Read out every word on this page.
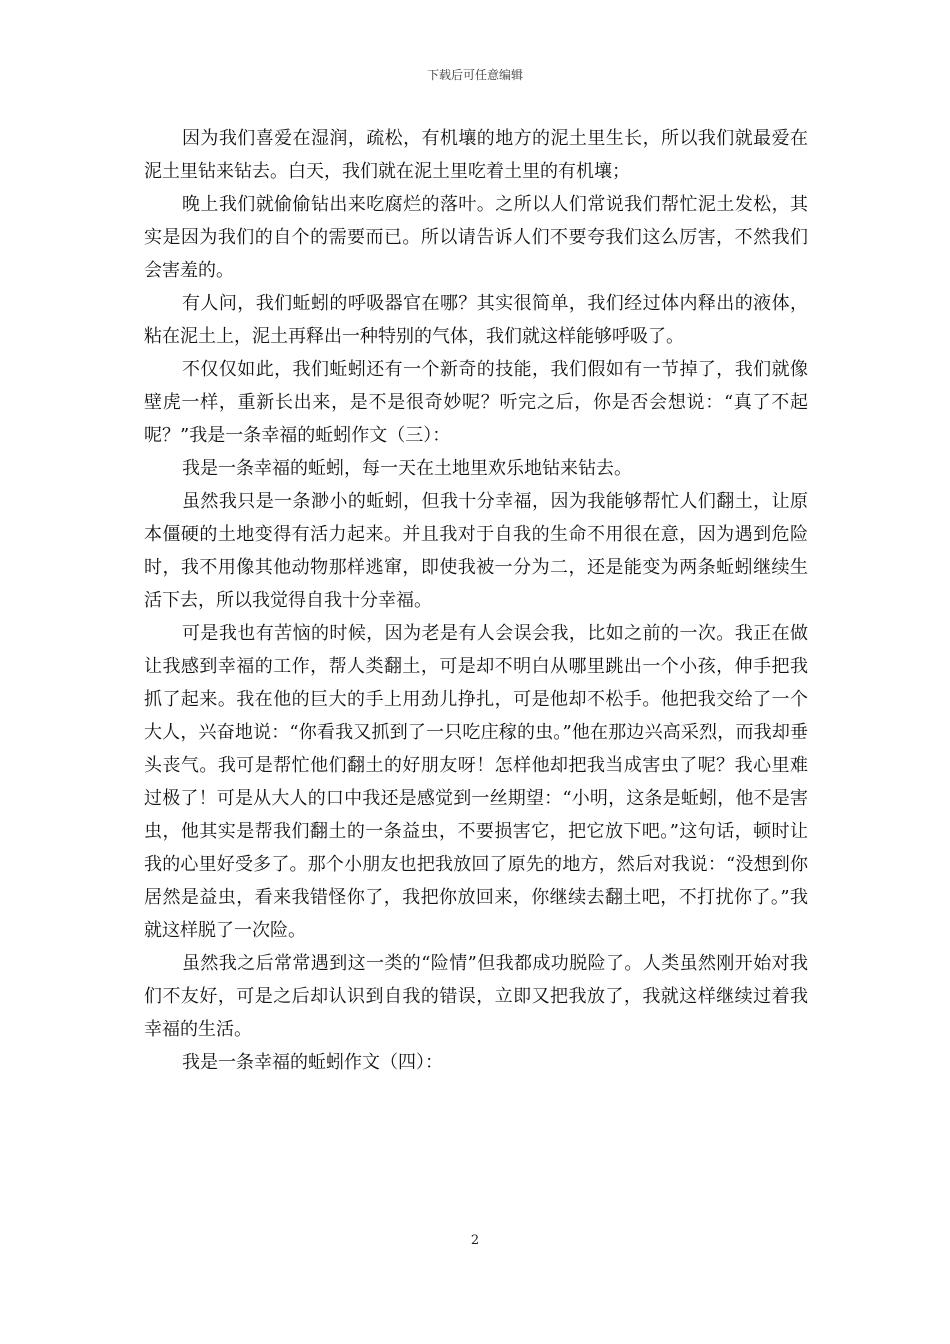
下载后可任意编辑

因为我们喜爱在湿润，疏松，有机壤的地方的泥土里生长，所以我们就最爱在泥土里钻来钻去。白天，我们就在泥土里吃着土里的有机壤；

晚上我们就偷偷钻出来吃腐烂的落叶。之所以人们常说我们帮忙泥土发松，其实是因为我们的自个的需要而已。所以请告诉人们不要夸我们这么厉害，不然我们会害羞的。

有人问，我们蚯蚓的呼吸器官在哪？其实很简单，我们经过体内释出的液体，粘在泥土上，泥土再释出一种特别的气体，我们就这样能够呼吸了。

不仅仅如此，我们蚯蚓还有一个新奇的技能，我们假如有一节掉了，我们就像壁虎一样，重新长出来，是不是很奇妙呢？听完之后，你是否会想说：“真了不起呢？”我是一条幸福的蚯蚓作文（三）：

我是一条幸福的蚯蚓，每一天在土地里欢乐地钻来钻去。

虽然我只是一条渺小的蚯蚓，但我十分幸福，因为我能够帮忙人们翻土，让原本僵硬的土地变得有活力起来。并且我对于自我的生命不用很在意，因为遇到危险时，我不用像其他动物那样逃窜，即使我被一分为二，还是能变为两条蚯蚓继续生活下去，所以我觉得自我十分幸福。

可是我也有苦恼的时候，因为老是有人会误会我，比如之前的一次。我正在做让我感到幸福的工作，帮人类翻土，可是却不明白从哪里跳出一个小孩，伸手把我抓了起来。我在他的巨大的手上用劲儿挣扎，可是他却不松手。他把我交给了一个大人，兴奋地说：“你看我又抓到了一只吃庄稼的虫。”他在那边兴高采烈，而我却垂头丧气。我可是帮忙他们翻土的好朋友呀！怎样他却把我当成害虫了呢？我心里难过极了！可是从大人的口中我还是感觉到一丝期望：“小明，这条是蚯蚓，他不是害虫，他其实是帮我们翻土的一条益虫，不要损害它，把它放下吧。”这句话，顿时让我的心里好受多了。那个小朋友也把我放回了原先的地方，然后对我说：“没想到你居然是益虫，看来我错怪你了，我把你放回来，你继续去翻土吧，不打扰你了。”我就这样脱了一次险。

虽然我之后常常遇到这一类的“险情”但我都成功脱险了。人类虽然刚开始对我们不友好，可是之后却认识到自我的错误，立即又把我放了，我就这样继续过着我幸福的生活。

我是一条幸福的蚯蚓作文（四）：

2
